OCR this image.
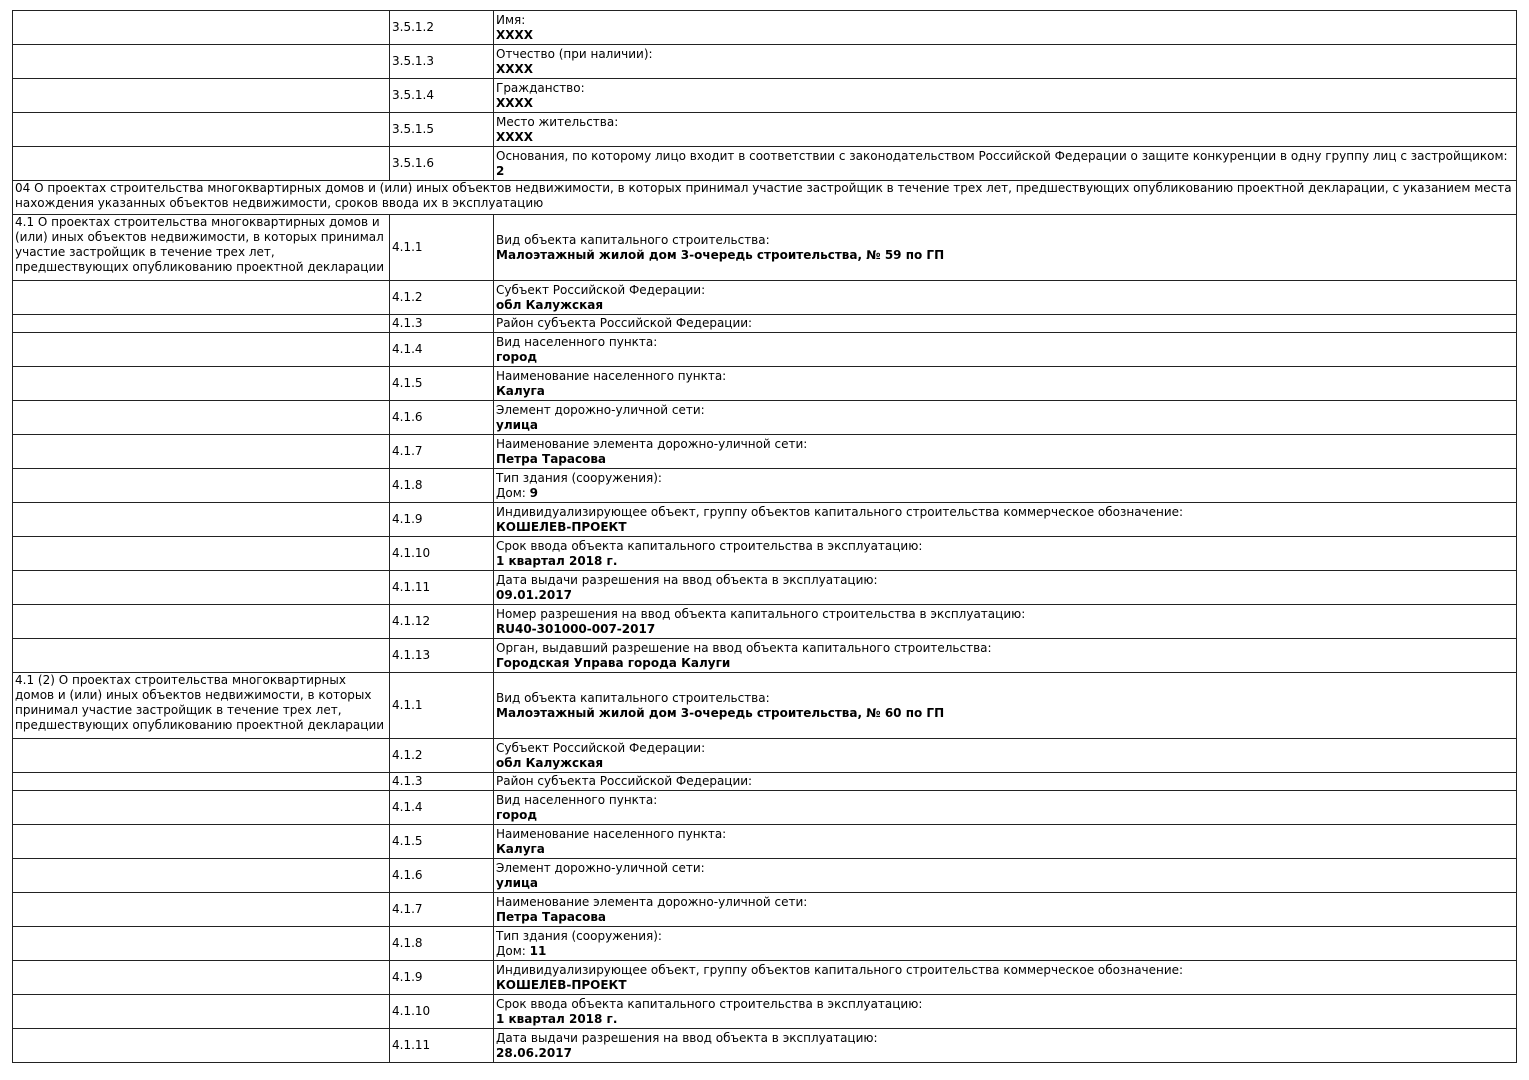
	3.5.1.2	Имя:
XXXX

	3.5.1.3	Отчество (при наличии):
XXXX

	3.5.1.4	Гражданство:
XXXX

	3.5.1.5	Место жительства:
XXXX

	3.5.1.6	Основания, по которому лицо входит в соответствии с законодательством Российской Федерации о защите конкуренции в одну группу лиц с застройщиком:
2

04 О проектах строительства многоквартирных домов и (или) иных объектов недвижимости, в которых принимал участие застройщик в течение трех лет, предшествующих опубликованию проектной декларации, с указанием места нахождения указанных объектов недвижимости, сроков ввода их в эксплуатацию		
4.1 О проектах строительства многоквартирных домов и (или) иных объектов недвижимости, в которых принимал участие застройщик в течение трех лет, предшествующих опубликованию проектной декларации	4.1.1	Вид объекта капитального строительства:
Малоэтажный жилой дом 3-очередь строительства, № 59 по ГП

	4.1.2	Субъект Российской Федерации:
обл Калужская

	4.1.3	Район субъекта Российской Федерации:

	4.1.4	Вид населенного пункта:
город

	4.1.5	Наименование населенного пункта:
Калуга

	4.1.6	Элемент дорожно-уличной сети:
улица

	4.1.7	Наименование элемента дорожно-уличной сети:
Петра Тарасова

	4.1.8	Тип здания (сооружения):
Дом: 9

	4.1.9	Индивидуализирующее объект, группу объектов капитального строительства коммерческое обозначение:
КОШЕЛЕВ-ПРОЕКТ

	4.1.10	Срок ввода объекта капитального строительства в эксплуатацию:
1 квартал 2018 г.

	4.1.11	Дата выдачи разрешения на ввод объекта в эксплуатацию:
09.01.2017

	4.1.12	Номер разрешения на ввод объекта капитального строительства в эксплуатацию:
RU40-301000-007-2017

	4.1.13	Орган, выдавший разрешение на ввод объекта капитального строительства:
Городская Управа города Калуги

4.1 (2) О проектах строительства многоквартирных домов и (или) иных объектов недвижимости, в которых принимал участие застройщик в течение трех лет, предшествующих опубликованию проектной декларации	4.1.1	Вид объекта капитального строительства:
Малоэтажный жилой дом 3-очередь строительства, № 60 по ГП

	4.1.2	Субъект Российской Федерации:
обл Калужская

	4.1.3	Район субъекта Российской Федерации:

	4.1.4	Вид населенного пункта:
город

	4.1.5	Наименование населенного пункта:
Калуга

	4.1.6	Элемент дорожно-уличной сети:
улица

	4.1.7	Наименование элемента дорожно-уличной сети:
Петра Тарасова

	4.1.8	Тип здания (сооружения):
Дом: 11

	4.1.9	Индивидуализирующее объект, группу объектов капитального строительства коммерческое обозначение:
КОШЕЛЕВ-ПРОЕКТ

	4.1.10	Срок ввода объекта капитального строительства в эксплуатацию:
1 квартал 2018 г.

	4.1.11	Дата выдачи разрешения на ввод объекта в эксплуатацию:
28.06.2017
